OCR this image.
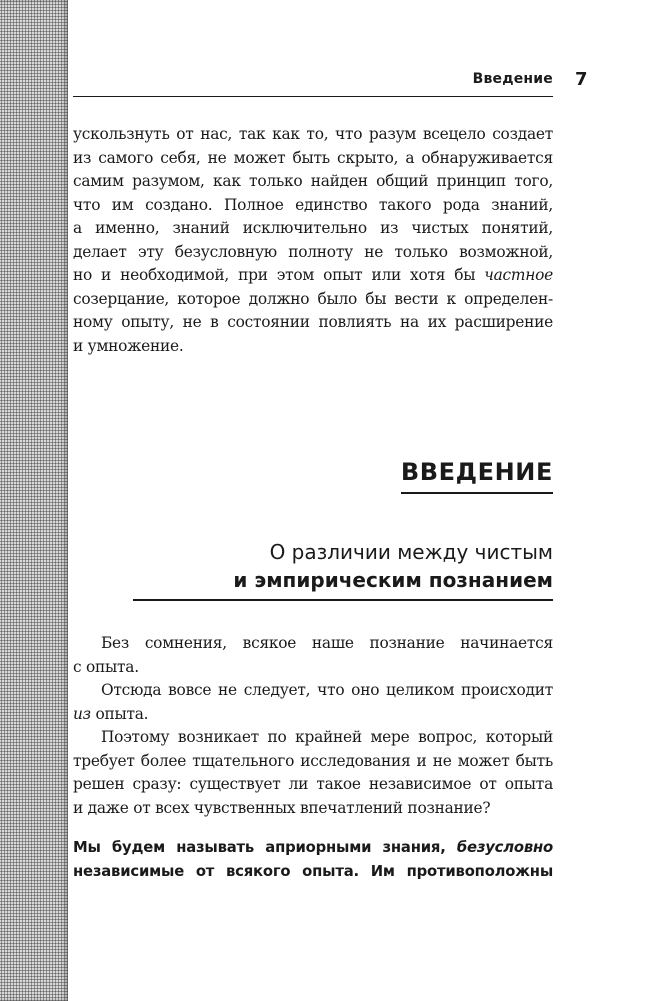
Введение 7
ускользнуть от нас, так как то, что разум всецело создает
из самого себя, не может быть скрыто, а обнаруживается
самим разумом, как только найден общий принцип того,
что им создано. Полное единство такого рода знаний,
а именно, знаний исключительно из чистых понятий,
делает эту безусловную полноту не только возможной,
но и необходимой, при этом опыт или хотя бы частное
созерцание, которое должно было бы вести к определен-
ному опыту, не в состоянии повлиять на их расширение
и умножение.
ВВЕДЕНИЕ
О различии между чистым
и эмпирическим познанием
Без сомнения, всякое наше познание начинается
с опыта.
Отсюда вовсе не следует, что оно целиком происходит
из опыта.
Поэтому возникает по крайней мере вопрос, который
требует более тщательного исследования и не может быть
решен сразу: существует ли такое независимое от опыта
и даже от всех чувственных впечатлений познание?
Мы будем называть априорными знания, безусловно
независимые от всякого опыта. Им противоположны
